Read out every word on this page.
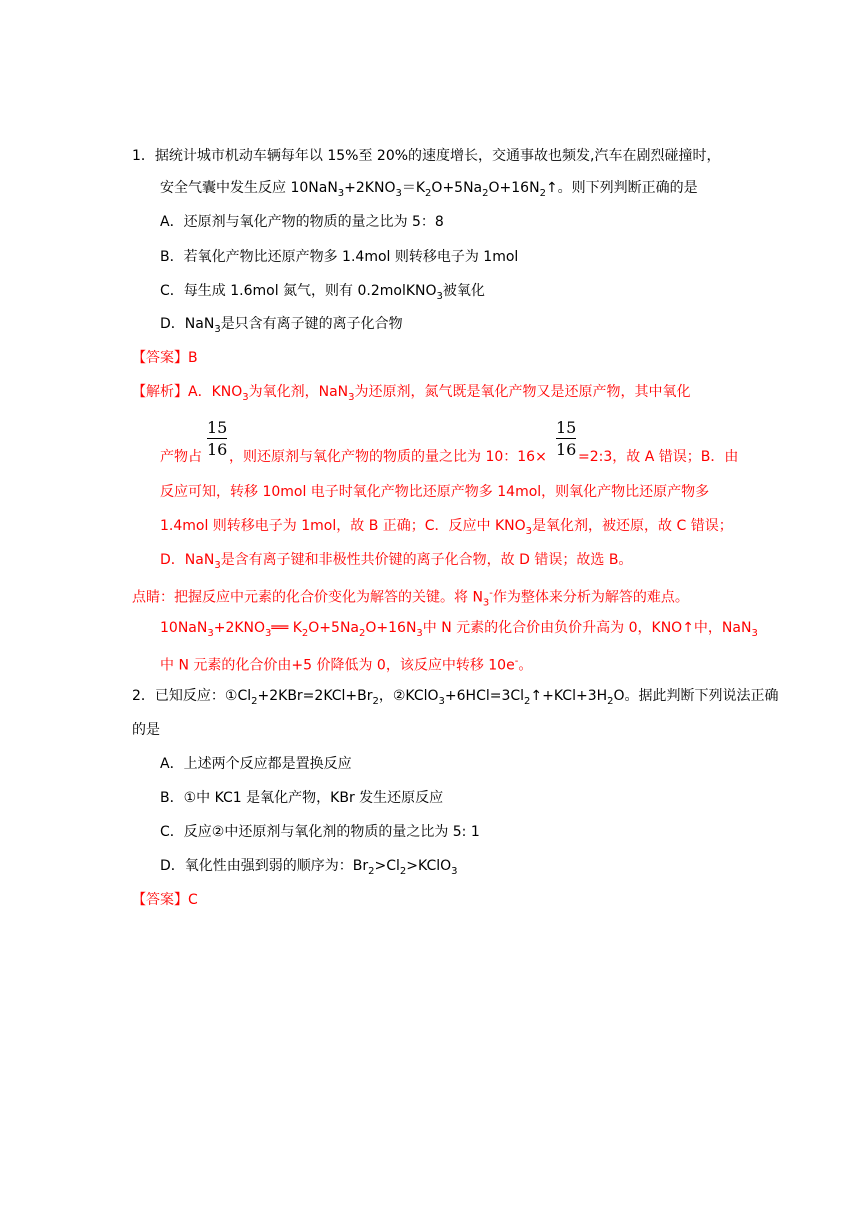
1．据统计城市机动车辆每年以 15%至 20%的速度增长，交通事故也频发,汽车在剧烈碰撞时，
安全气囊中发生反应 $10NaN_3+2KNO_3=K_2O+5Na_2O+16N_2↑$。则下列判断正确的是
A．还原剂与氧化产物的物质的量之比为 5：8
B．若氧化产物比还原产物多 1.4mol 则转移电子为 1mol
C．每生成 1.6mol 氮气，则有 0.2molKNO$_3$被氧化
D．NaN$_3$是只含有离子键的离子化合物
【答案】B
【解析】A．$KNO_3$为氧化剂，NaN$_3$为还原剂，氮气既是氧化产物又是还原产物，其中氧化
15
16
15
16
产物占 ，则还原剂与氧化产物的物质的量之比为 10：16× =2:3，故 A 错误；B．由
反应可知，转移 10mol 电子时氧化产物比还原产物多 14mol，则氧化产物比还原产物多
1.4mol 则转移电子为 1mol，故 B 正确；C．反应中 $KNO_3$是氧化剂，被还原，故 C 错误；
D．NaN$_3$是含有离子键和非极性共价键的离子化合物，故 D 错误；故选 B。
点睛：把握反应中元素的化合价变化为解答的关键。将 $N_3^-$作为整体来分析为解答的难点。
$10NaN_3+2KNO_3══$ $K_2O+5Na_2O+16N_3$中 N 元素的化合价由负价升高为 0，KNO↑中，NaN$_3$
中 N 元素的化合价由+5 价降低为 0，该反应中转移 10e-。
2．已知反应：$①Cl_2+2KBr=2KCl+Br_2$，$②KClO_3+6HCl=3Cl_2↑+KCl+3H_2O$。据此判断下列说法正确
的是
A．上述两个反应都是置换反应
B．①中 KC1 是氧化产物，KBr 发生还原反应
C．反应②中还原剂与氧化剂的物质的量之比为 5: 1
D．氧化性由强到弱的顺序为：$Br_2>Cl_2>KClO_3$
【答案】C
